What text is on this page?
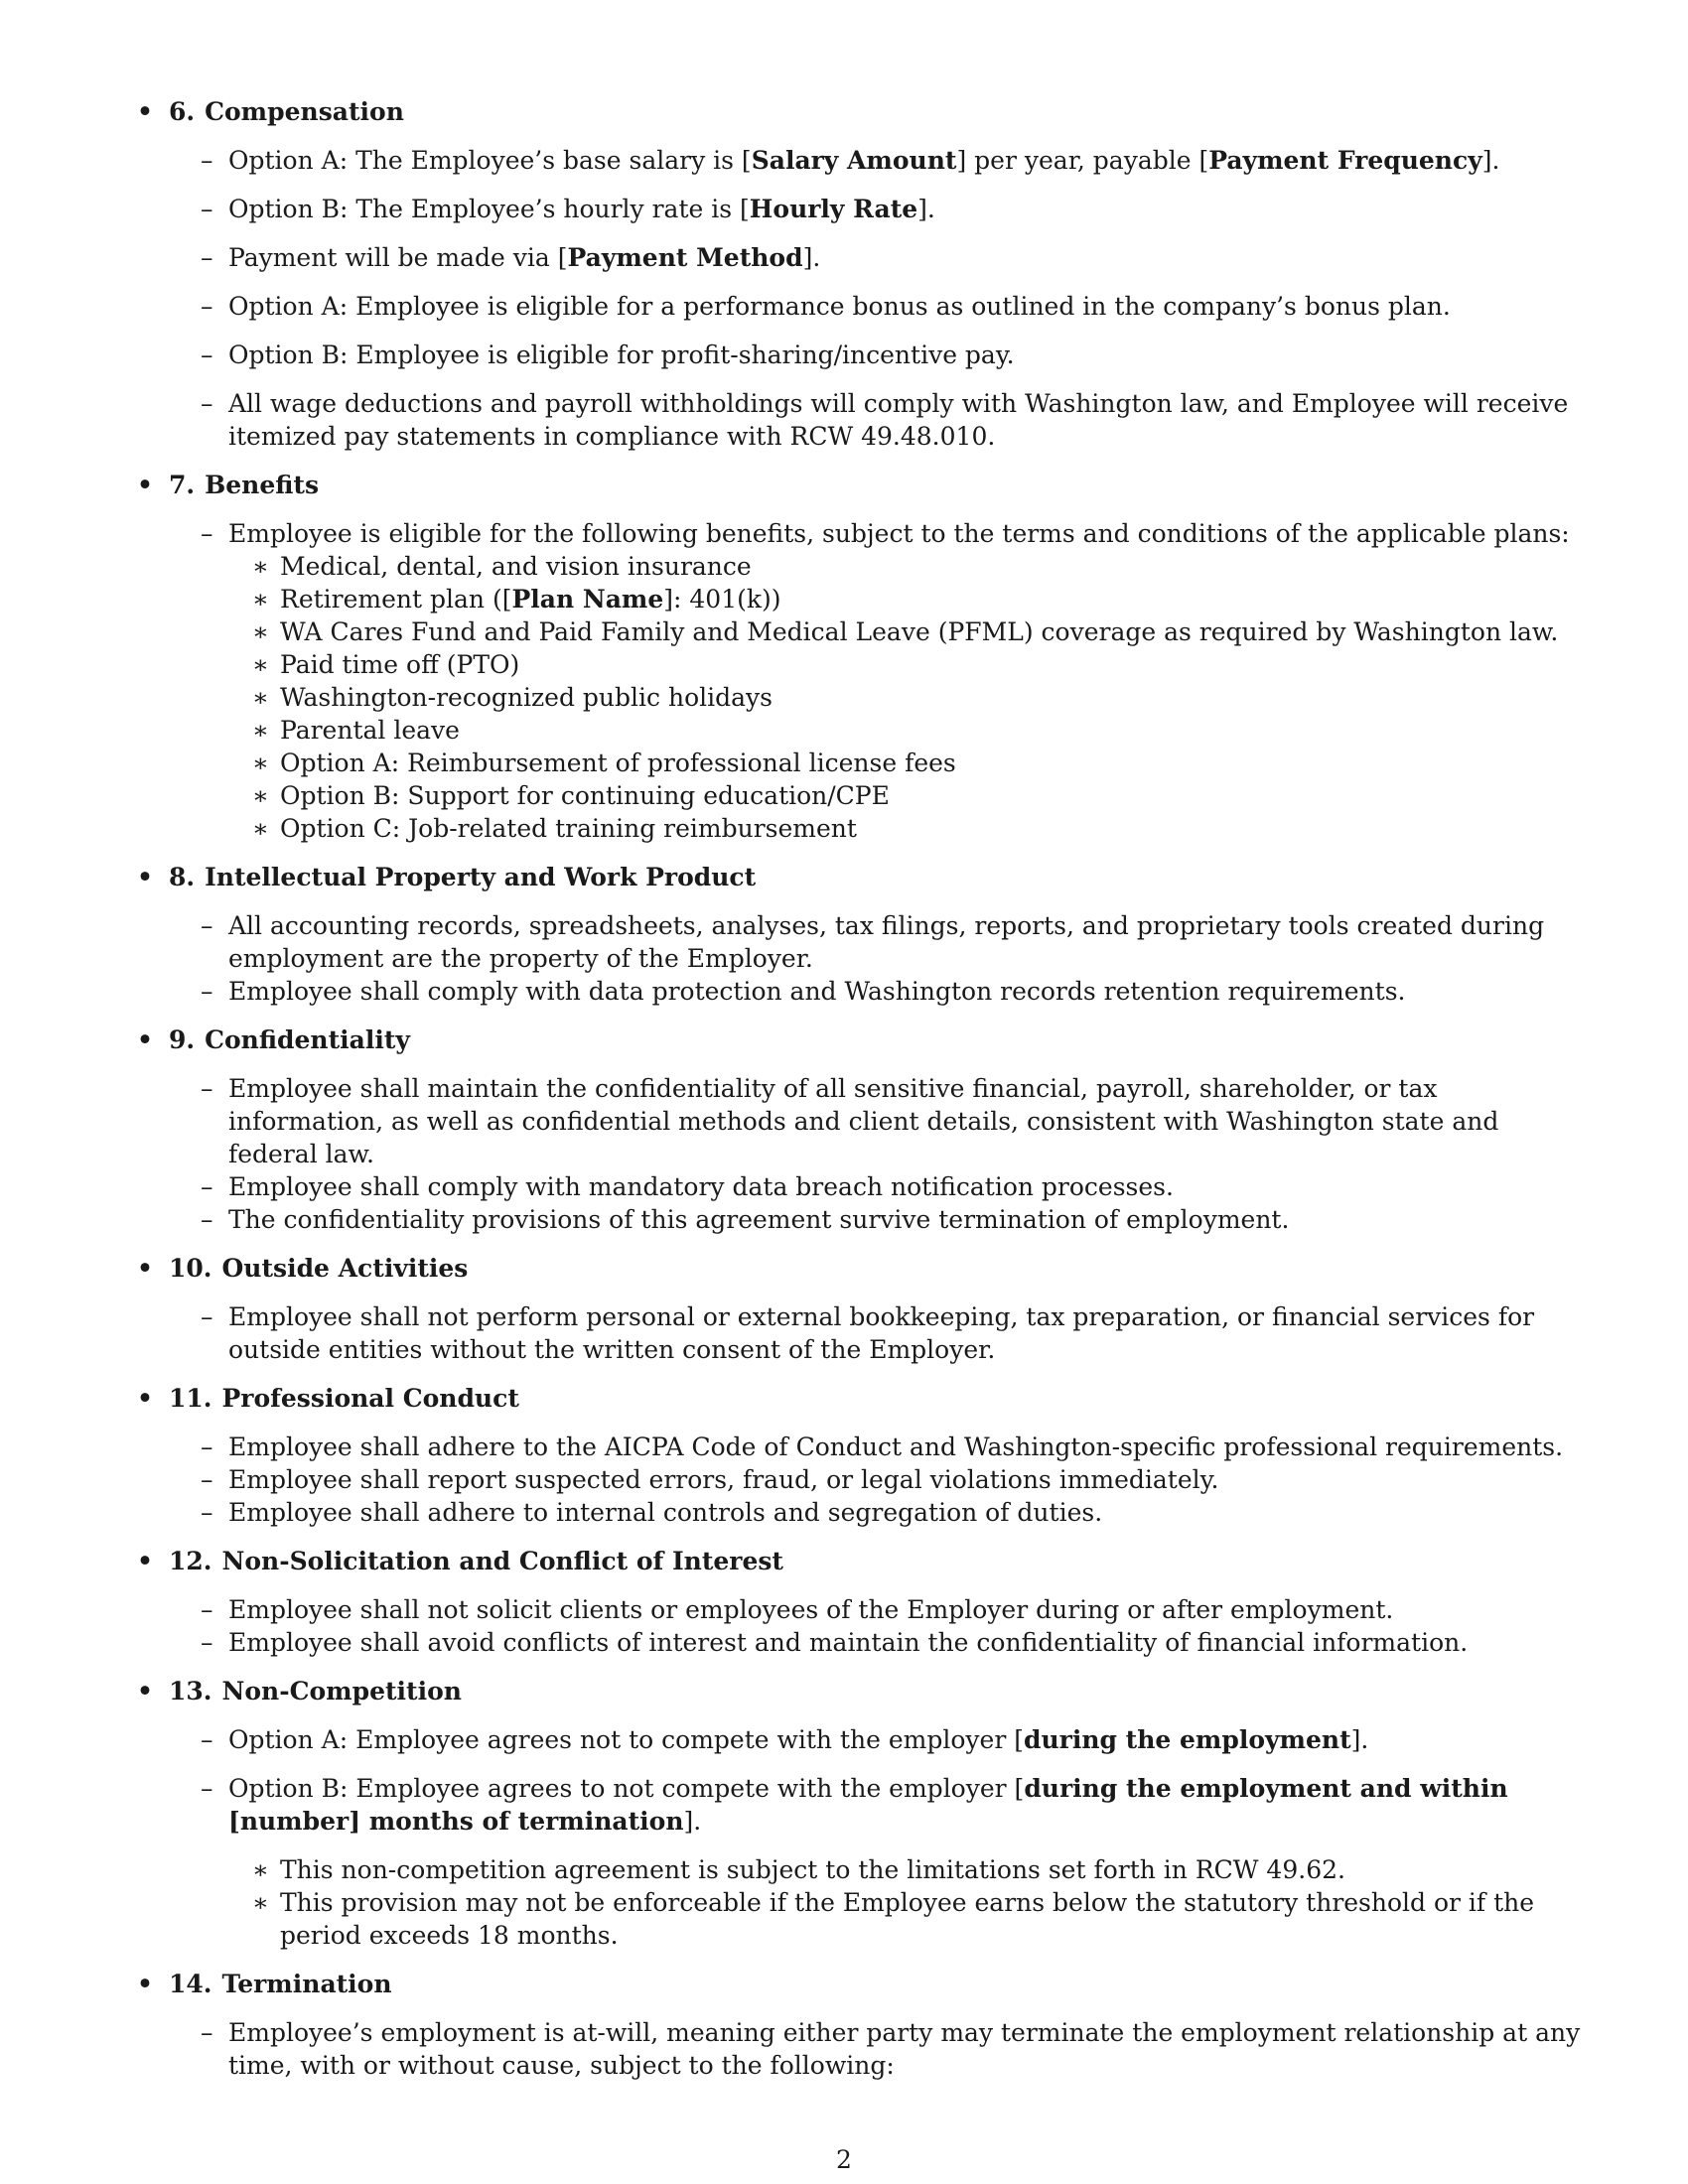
• 6. Compensation
– Option A: The Employee’s base salary is [Salary Amount] per year, payable [Payment Frequency].
– Option B: The Employee’s hourly rate is [Hourly Rate].
– Payment will be made via [Payment Method].
– Option A: Employee is eligible for a performance bonus as outlined in the company’s bonus plan.
– Option B: Employee is eligible for profit-sharing/incentive pay.
– All wage deductions and payroll withholdings will comply with Washington law, and Employee will receive itemized pay statements in compliance with RCW 49.48.010.
• 7. Benefits
– Employee is eligible for the following benefits, subject to the terms and conditions of the applicable plans:
∗ Medical, dental, and vision insurance
∗ Retirement plan ([Plan Name]: 401(k))
∗ WA Cares Fund and Paid Family and Medical Leave (PFML) coverage as required by Washington law.
∗ Paid time off (PTO)
∗ Washington-recognized public holidays
∗ Parental leave
∗ Option A: Reimbursement of professional license fees
∗ Option B: Support for continuing education/CPE
∗ Option C: Job-related training reimbursement
• 8. Intellectual Property and Work Product
– All accounting records, spreadsheets, analyses, tax filings, reports, and proprietary tools created during employment are the property of the Employer.
– Employee shall comply with data protection and Washington records retention requirements.
• 9. Confidentiality
– Employee shall maintain the confidentiality of all sensitive financial, payroll, shareholder, or tax information, as well as confidential methods and client details, consistent with Washington state and federal law.
– Employee shall comply with mandatory data breach notification processes.
– The confidentiality provisions of this agreement survive termination of employment.
• 10. Outside Activities
– Employee shall not perform personal or external bookkeeping, tax preparation, or financial services for outside entities without the written consent of the Employer.
• 11. Professional Conduct
– Employee shall adhere to the AICPA Code of Conduct and Washington-specific professional requirements.
– Employee shall report suspected errors, fraud, or legal violations immediately.
– Employee shall adhere to internal controls and segregation of duties.
• 12. Non-Solicitation and Conflict of Interest
– Employee shall not solicit clients or employees of the Employer during or after employment.
– Employee shall avoid conflicts of interest and maintain the confidentiality of financial information.
• 13. Non-Competition
– Option A: Employee agrees not to compete with the employer [during the employment].
– Option B: Employee agrees to not compete with the employer [during the employment and within [number] months of termination].
∗ This non-competition agreement is subject to the limitations set forth in RCW 49.62.
∗ This provision may not be enforceable if the Employee earns below the statutory threshold or if the period exceeds 18 months.
• 14. Termination
– Employee’s employment is at-will, meaning either party may terminate the employment relationship at any time, with or without cause, subject to the following:
2
